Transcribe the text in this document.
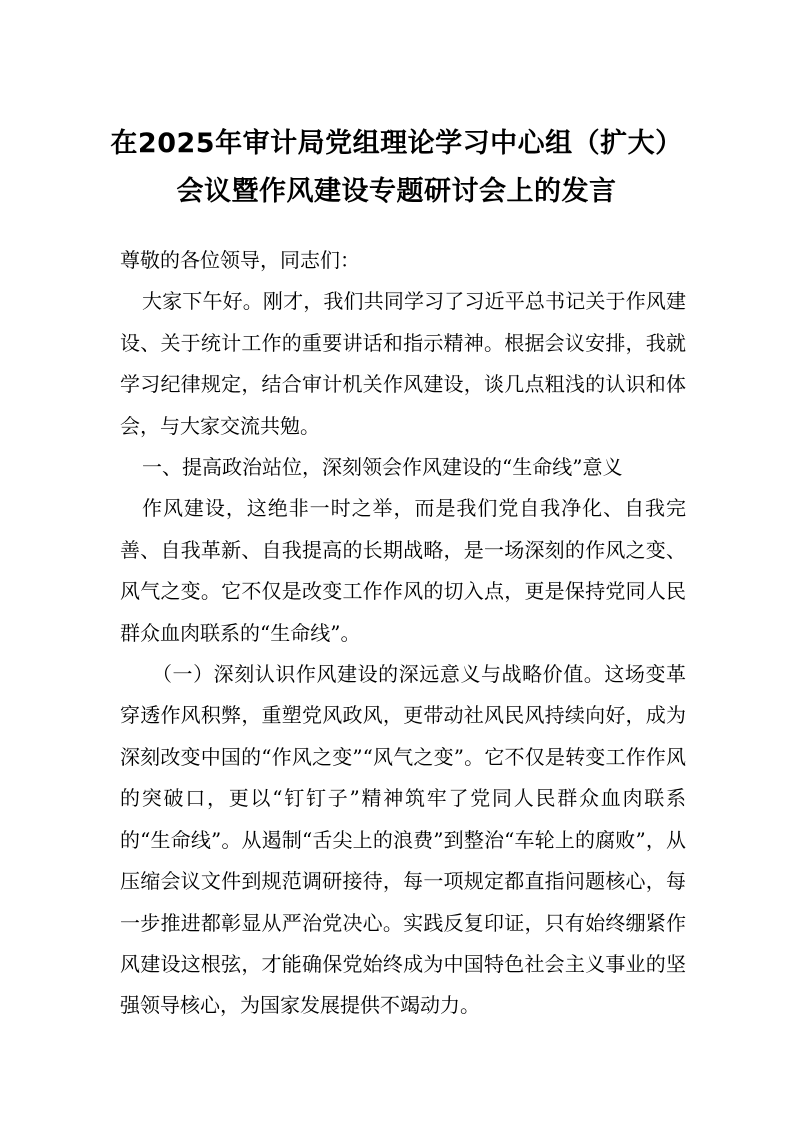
在2025年审计局党组理论学习中心组（扩大）会议暨作风建设专题研讨会上的发言

尊敬的各位领导，同志们：

大家下午好。刚才，我们共同学习了习近平总书记关于作风建设、关于统计工作的重要讲话和指示精神。根据会议安排，我就学习纪律规定，结合审计机关作风建设，谈几点粗浅的认识和体会，与大家交流共勉。

一、提高政治站位，深刻领会作风建设的“生命线”意义

作风建设，这绝非一时之举，而是我们党自我净化、自我完善、自我革新、自我提高的长期战略，是一场深刻的作风之变、风气之变。它不仅是改变工作作风的切入点，更是保持党同人民群众血肉联系的“生命线”。

（一）深刻认识作风建设的深远意义与战略价值。这场变革穿透作风积弊，重塑党风政风，更带动社风民风持续向好，成为深刻改变中国的“作风之变”“风气之变”。它不仅是转变工作作风的突破口，更以“钉钉子”精神筑牢了党同人民群众血肉联系的“生命线”。从遏制“舌尖上的浪费”到整治“车轮上的腐败”，从压缩会议文件到规范调研接待，每一项规定都直指问题核心，每一步推进都彰显从严治党决心。实践反复印证，只有始终绷紧作风建设这根弦，才能确保党始终成为中国特色社会主义事业的坚强领导核心，为国家发展提供不竭动力。
